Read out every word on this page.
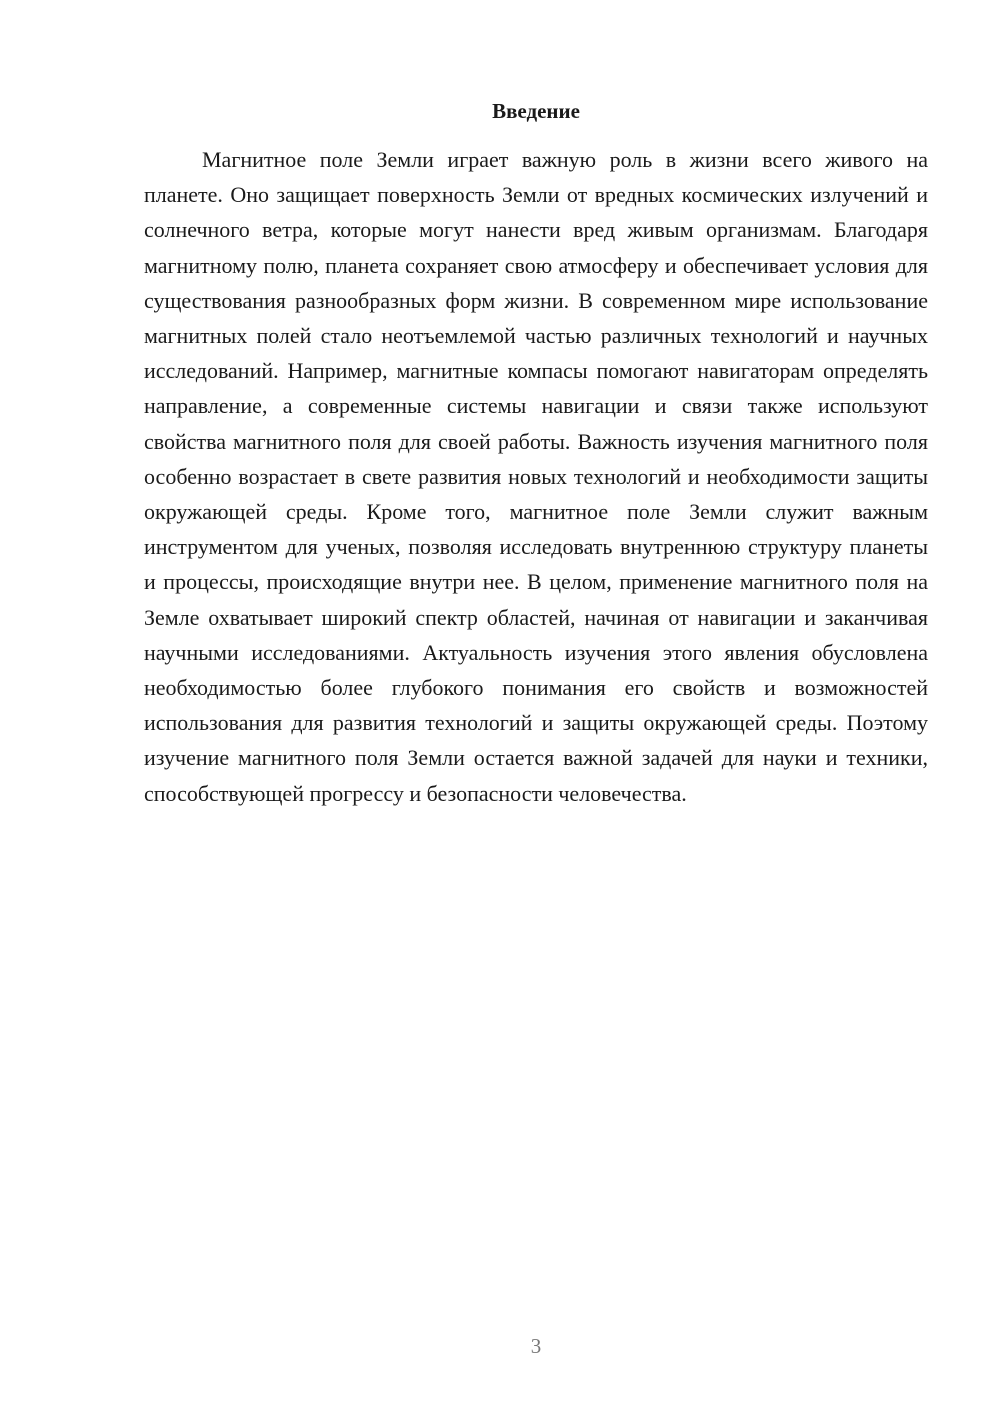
Введение

Магнитное поле Земли играет важную роль в жизни всего живого на планете. Оно защищает поверхность Земли от вредных космических излучений и солнечного ветра, которые могут нанести вред живым организмам. Благодаря магнитному полю, планета сохраняет свою атмосферу и обеспечивает условия для существования разнообразных форм жизни. В современном мире использование магнитных полей стало неотъемлемой частью различных технологий и научных исследований. Например, магнитные компасы помогают навигаторам определять направление, а современные системы навигации и связи также используют свойства магнитного поля для своей работы. Важность изучения магнитного поля особенно возрастает в свете развития новых технологий и необходимости защиты окружающей среды. Кроме того, магнитное поле Земли служит важным инструментом для ученых, позволяя исследовать внутреннюю структуру планеты и процессы, происходящие внутри нее. В целом, применение магнитного поля на Земле охватывает широкий спектр областей, начиная от навигации и заканчивая научными исследованиями. Актуальность изучения этого явления обусловлена необходимостью более глубокого понимания его свойств и возможностей использования для развития технологий и защиты окружающей среды. Поэтому изучение магнитного поля Земли остается важной задачей для науки и техники, способствующей прогрессу и безопасности человечества.

3
